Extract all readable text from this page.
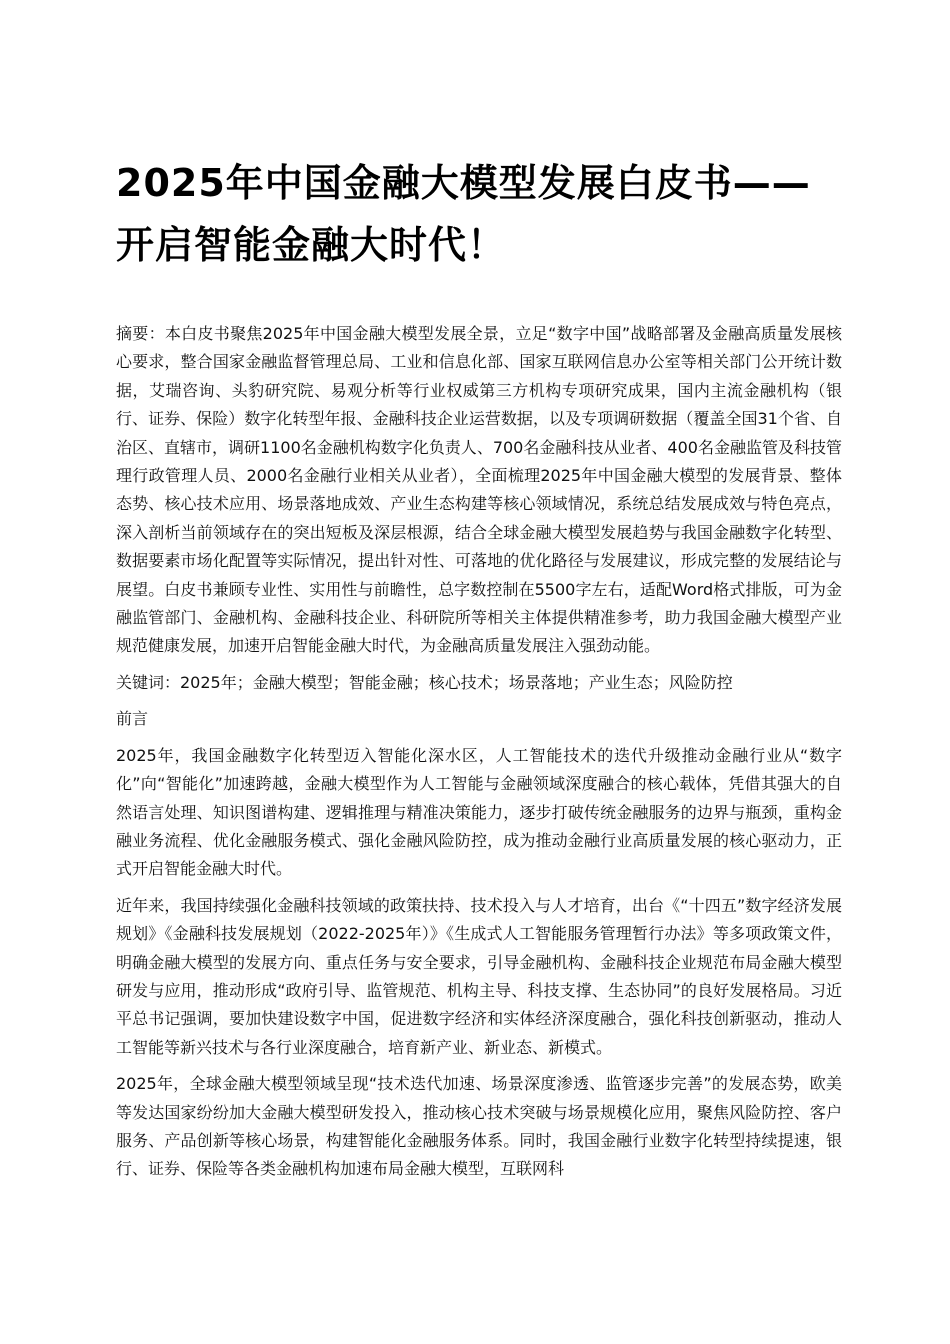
2025年中国金融大模型发展白皮书——开启智能金融大时代！

摘要：本白皮书聚焦2025年中国金融大模型发展全景，立足“数字中国”战略部署及金融高质量发展核心要求，整合国家金融监督管理总局、工业和信息化部、国家互联网信息办公室等相关部门公开统计数据，艾瑞咨询、头豹研究院、易观分析等行业权威第三方机构专项研究成果，国内主流金融机构（银行、证券、保险）数字化转型年报、金融科技企业运营数据，以及专项调研数据（覆盖全国31个省、自治区、直辖市，调研1100名金融机构数字化负责人、700名金融科技从业者、400名金融监管及科技管理行政管理人员、2000名金融行业相关从业者），全面梳理2025年中国金融大模型的发展背景、整体态势、核心技术应用、场景落地成效、产业生态构建等核心领域情况，系统总结发展成效与特色亮点，深入剖析当前领域存在的突出短板及深层根源，结合全球金融大模型发展趋势与我国金融数字化转型、数据要素市场化配置等实际情况，提出针对性、可落地的优化路径与发展建议，形成完整的发展结论与展望。白皮书兼顾专业性、实用性与前瞻性，总字数控制在5500字左右，适配Word格式排版，可为金融监管部门、金融机构、金融科技企业、科研院所等相关主体提供精准参考，助力我国金融大模型产业规范健康发展，加速开启智能金融大时代，为金融高质量发展注入强劲动能。

关键词：2025年；金融大模型；智能金融；核心技术；场景落地；产业生态；风险防控

前言

2025年，我国金融数字化转型迈入智能化深水区，人工智能技术的迭代升级推动金融行业从“数字化”向“智能化”加速跨越，金融大模型作为人工智能与金融领域深度融合的核心载体，凭借其强大的自然语言处理、知识图谱构建、逻辑推理与精准决策能力，逐步打破传统金融服务的边界与瓶颈，重构金融业务流程、优化金融服务模式、强化金融风险防控，成为推动金融行业高质量发展的核心驱动力，正式开启智能金融大时代。

近年来，我国持续强化金融科技领域的政策扶持、技术投入与人才培育，出台《“十四五”数字经济发展规划》《金融科技发展规划（2022-2025年）》《生成式人工智能服务管理暂行办法》等多项政策文件，明确金融大模型的发展方向、重点任务与安全要求，引导金融机构、金融科技企业规范布局金融大模型研发与应用，推动形成“政府引导、监管规范、机构主导、科技支撑、生态协同”的良好发展格局。习近平总书记强调，要加快建设数字中国，促进数字经济和实体经济深度融合，强化科技创新驱动，推动人工智能等新兴技术与各行业深度融合，培育新产业、新业态、新模式。

2025年，全球金融大模型领域呈现“技术迭代加速、场景深度渗透、监管逐步完善”的发展态势，欧美等发达国家纷纷加大金融大模型研发投入，推动核心技术突破与场景规模化应用，聚焦风险防控、客户服务、产品创新等核心场景，构建智能化金融服务体系。同时，我国金融行业数字化转型持续提速，银行、证券、保险等各类金融机构加速布局金融大模型，互联网科
